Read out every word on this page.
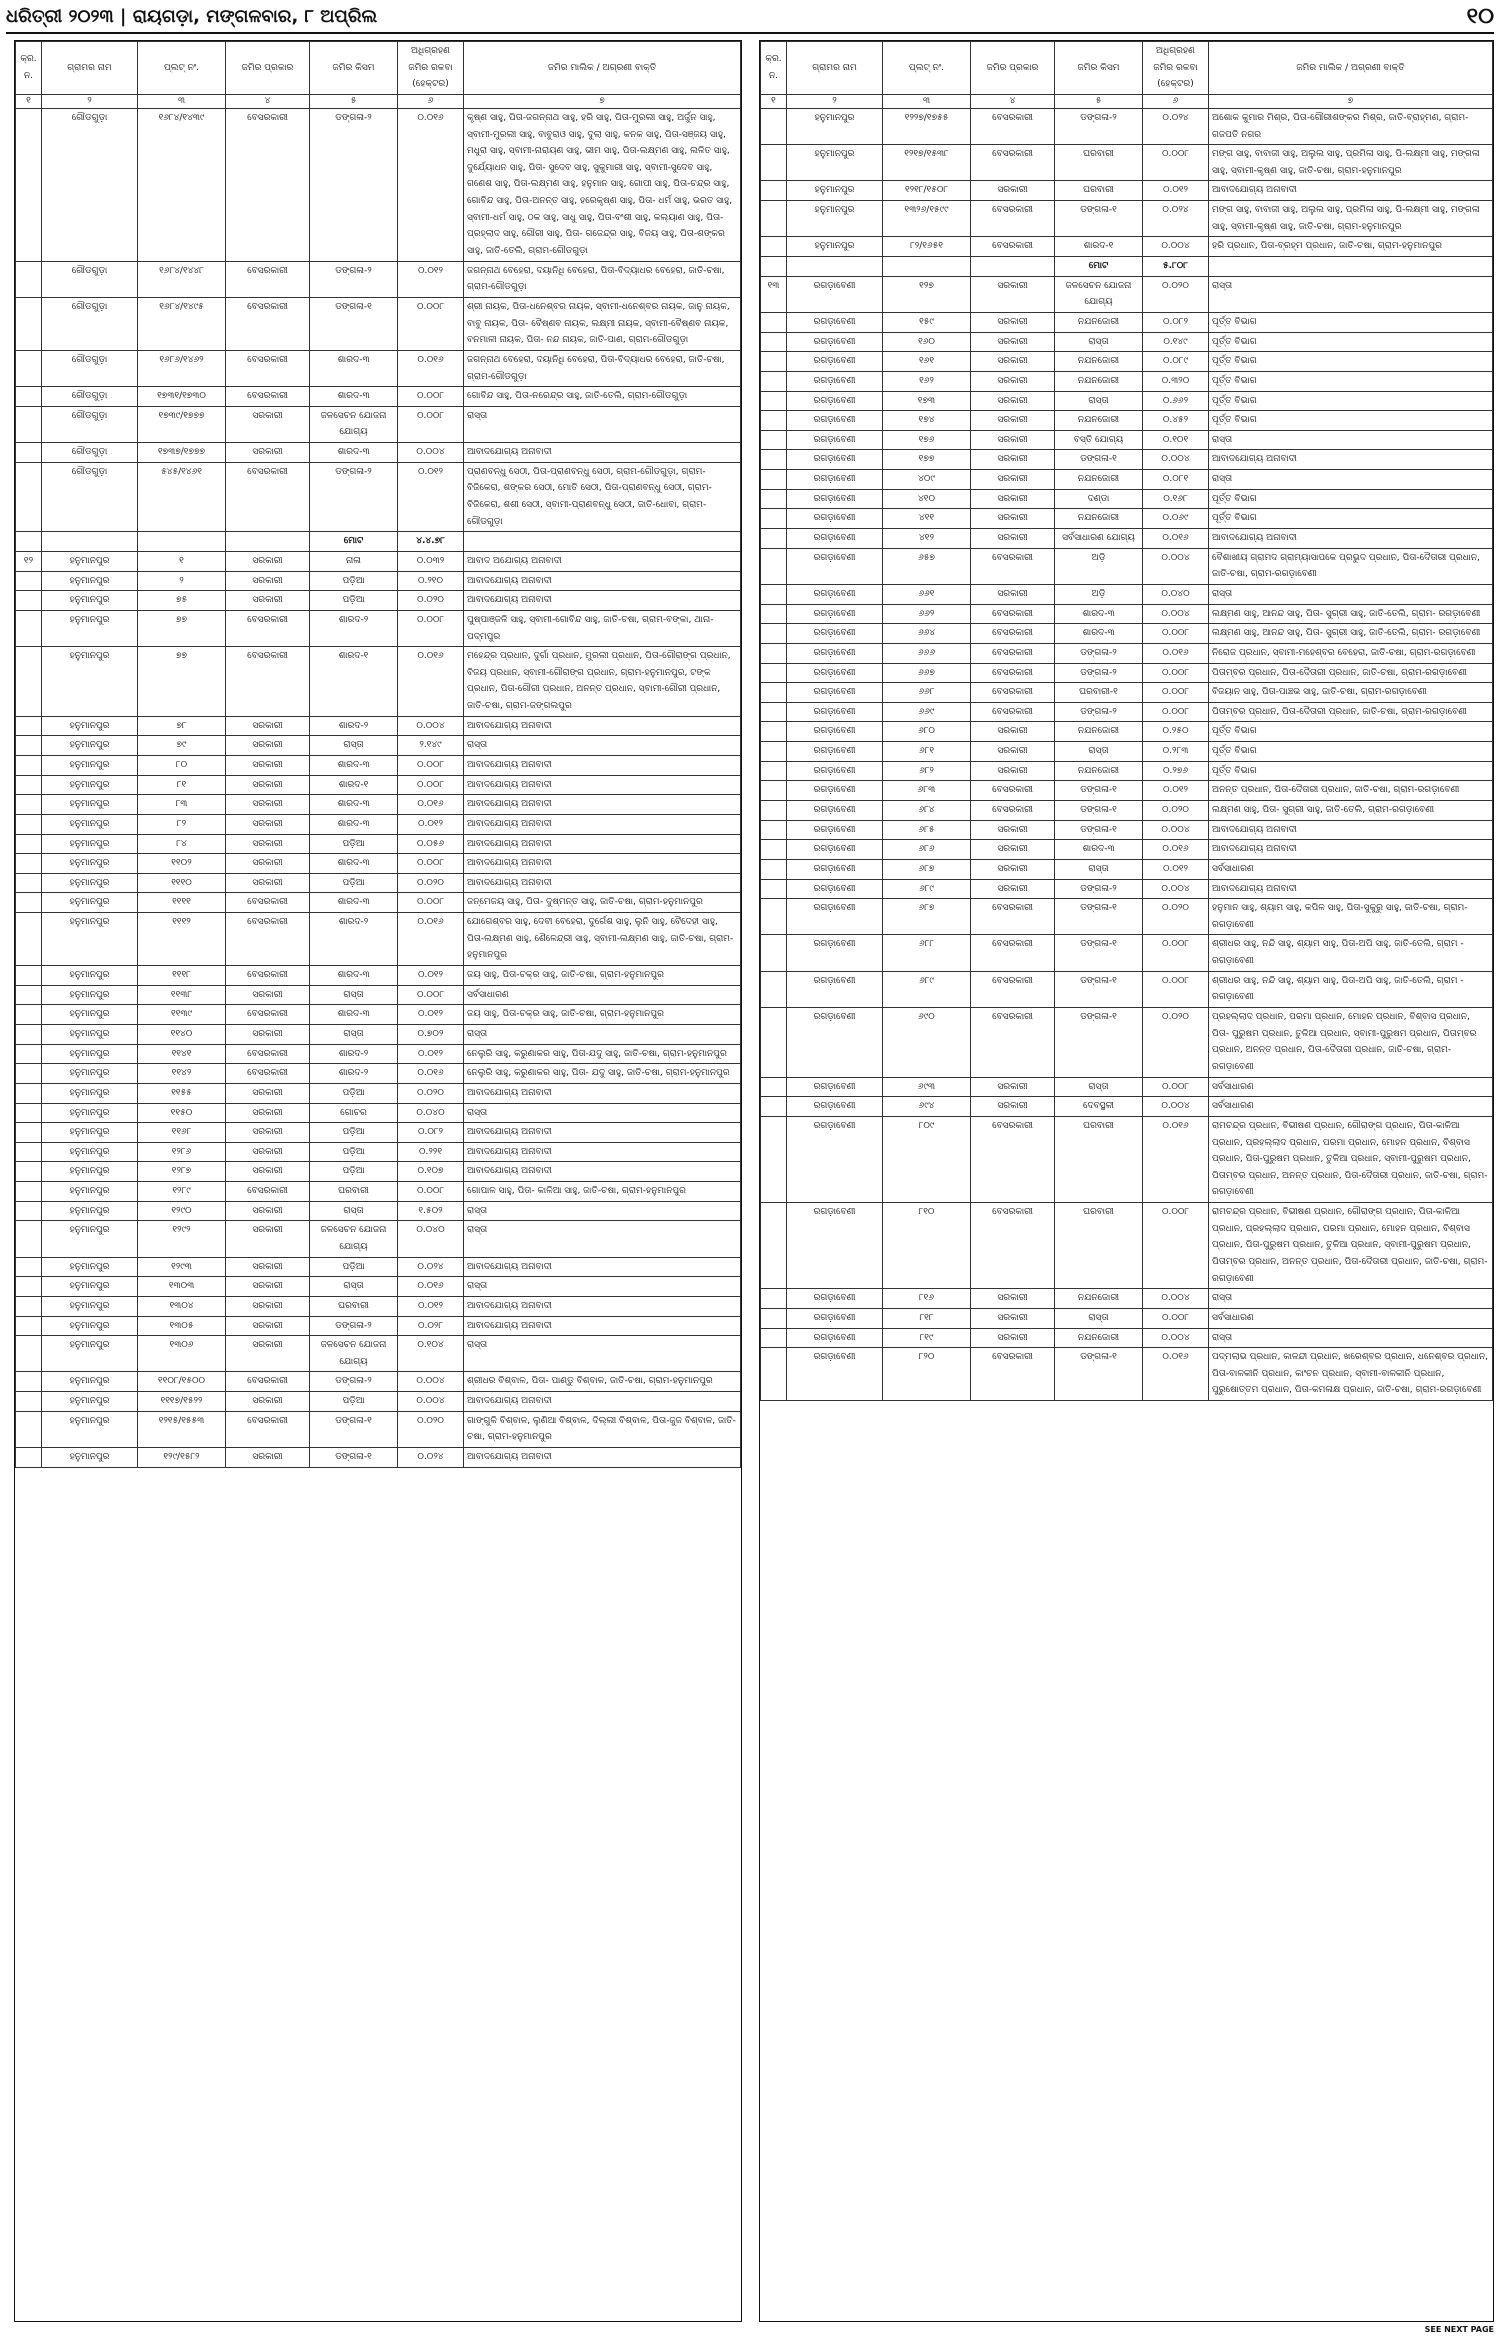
ଧରିତ୍ରୀ ୨୦୨୩ | ରାୟଗଡ଼ା, ମଙ୍ଗଳବାର, ୮ ଅପ୍ରିଲ	୧୦
କ୍ର. ନ.	ଗ୍ରାମର ନାମ	ପ୍ଲଟ୍ ନଂ.	ଜମିର ପ୍ରକାର	ଜମିର କିସମ	ଅଧିଗ୍ରହଣ ଜମିର ରକବା (ହେକ୍ଟର)	ଜମିର ମାଲିକ / ଅଗ୍ରଣୀ ବାକ୍ତି
୧	୨	୩	୪	୫	୬	୭
	ଗୌଡଗୁଡ଼ା	୧୬୮୪/୧୪୩୯	ବେସରକାରୀ	ଡଙ୍ଗଳା-୨	୦.୦୧୬	କୃଷ୍ଣ ସାହୁ, ପିତା-ଜଗନ୍ନାଥ ସାହୁ, ହରି ସାହୁ, ପିତା-ମୁରଲୀ ସାହୁ, ଅର୍ଜୁନ ସାହୁ, ସ୍ବାମୀ-ମୁରଲୀ ସାହୁ, ବାବୁରାଓ ସାହୁ, ଦୁଲା ସାହୁ, କନକ ସାହୁ, ପିତା-ସଞ୍ଜୟ ସାହୁ, ମଧୁରା ସାହୁ, ସ୍ବାମୀ-ନାରାୟଣ ସାହୁ, ଭୀମ ସାହୁ, ପିତା-ଲକ୍ଷ୍ମଣ ସାହୁ, ଲଳିତ ସାହୁ, ଦୁର୍ଯ୍ୟୋଧନ ସାହୁ, ପିତା- ସୁଦେବ ସାହୁ, ସୁକୁମାରୀ ସାହୁ, ସ୍ବାମୀ-ସୁଦେବ ସାହୁ, ଗଣେଶ ସାହୁ, ପିତା-ଲକ୍ଷ୍ମଣ ସାହୁ, ହନୁମାନ ସାହୁ, ଗୋପୀ ସାହୁ, ପିତା-ଚନ୍ଦ୍ର ସାହୁ, ଗୋବିନ୍ଦ ସାହୁ, ପିତା-ଅନନ୍ତ ସାହୁ, ହରେକୃଷ୍ଣ ସାହୁ, ପିତା- ଧର୍ମ ସାହୁ, ଭରତ ସାହୁ, ସ୍ବାମୀ-ଧର୍ମ ସାହୁ, ଠକ ସାହୁ, ସାଧୁ ସାହୁ, ପିତା-ବଂଶୀ ସାହୁ, କଲ୍ୟାଣ ସାହୁ, ପିତା-ପ୍ରହ୍ଲାଦ ସାହୁ, ଗୌରୀ ସାହୁ, ପିତା- ଗଜେନ୍ଦ୍ର ସାହୁ, ବିଜୟ ସାହୁ, ପିତା-ଶଙ୍କର ସାହୁ, ଜାତି-ତେଲି, ଗ୍ରାମ-ଗୌଡଗୁଡ଼ା
	ଗୌଡଗୁଡ଼ା	୧୬୮୪/୧୪୪୮	ବେସରକାରୀ	ଡଙ୍ଗଳା-୨	୦.୦୧୨	ଜଗନ୍ନାଥ ବେହେରା, ଦୟାନିଧି ବେହେରା, ପିତା-ବିଦ୍ୟାଧର ବେହେରା, ଜାତି-ଚଷା, ଗ୍ରାମ-ଗୌଡଗୁଡ଼ା
	ଗୌଡଗୁଡ଼ା	୧୬୮୪/୧୪୯୫	ବେସରକାରୀ	ଡଙ୍ଗଳା-୧	୦.୦୦୮	ଶ୍ରୀ ନାୟକ, ପିତା-ଧନେଶ୍ବର ନାୟକ, ସ୍ବାମୀ-ଧନେଶ୍ବର ନାୟକ, ଜାନୁ ନାୟକ, ବାବୁ ନାୟକ, ପିତା- ବୈଷ୍ଣବ ନାୟକ, ଲକ୍ଷ୍ମୀ ନାୟକ, ସ୍ବାମୀ-ବୈଷ୍ଣବ ନାୟକ, ବନମାଳୀ ନାୟକ, ପିତା- ନନ୍ଦ ନାୟକ, ଜାତି-ପାଣ, ଗ୍ରାମ-ଗୌଡଗୁଡ଼ା
	ଗୌଡଗୁଡ଼ା	୧୬୮୬/୧୪୬୨	ବେସରକାରୀ	ଶାରଦ-୩	୦.୦୧୬	ଜଗନ୍ନାଥ ବେହେରା, ଦୟାନିଧି ବେହେରା, ପିତା-ବିଦ୍ୟାଧର ବେହେରା, ଜାତି-ଚଷା, ଗ୍ରାମ-ଗୌଡଗୁଡ଼ା
	ଗୌଡଗୁଡ଼ା	୧୭୩୧/୧୭୩୦	ବେସରକାରୀ	ଶାରଦ-୩	୦.୦୦୮	ଗୋବିନ୍ଦ ସାହୁ, ପିତା-ନରେନ୍ଦ୍ର ସାହୁ, ଜାତି-ତେଲି, ଗ୍ରାମ-ଗୌଡଗୁଡ଼ା
	ଗୌଡଗୁଡ଼ା	୧୭୩୯/୧୭୭୭	ସରକାରୀ	ଜଳସେଚନ ଯୋଜନା ଯୋଗ୍ୟ	୦.୦୦୮	ରାସ୍ତା
	ଗୌଡଗୁଡ଼ା	୧୭୩୭/୧୭୭୭	ସରକାରୀ	ଶାରଦ-୩	୦.୦୦୪	ଆବାଦଯୋଗ୍ୟ ଅନାବାଦୀ
	ଗୌଡଗୁଡ଼ା	୫୪୫/୧୪୬୧	ବେସରକାରୀ	ଡଙ୍ଗଳା-୨	୦.୦୧୨	ପ୍ରାଣବନ୍ଧୁ ସେଠୀ, ପିତା-ପ୍ରାଣବନ୍ଧୁ ସେଠୀ, ଗ୍ରାମ-ଗୌଡଗୁଡ଼ା, ଗ୍ରାମ-ବିଜିକେରା, ଶଙ୍କର ସେଠୀ, ମୋତି ସେଠୀ, ପିତା-ପ୍ରାଣବନ୍ଧୁ ସେଠୀ, ଗ୍ରାମ-ବିଜିକେରା, ଶଶୀ ସେଠୀ, ସ୍ବାମୀ-ପ୍ରାଣବନ୍ଧୁ ସେଠୀ, ଜାତି-ଧୋବା, ଗ୍ରାମ-ଗୌଡଗୁଡ଼ା
				ମୋଟ	୪.୪.୭୮	
୧୨	ହନୁମାନପୁର	୧	ସରକାରୀ	ନାଳା	୦.୦୩୨	ଆବାଦ ଅଯୋଗ୍ୟ ଅନାବାଦୀ
	ହନୁମାନପୁର	୨	ସରକାରୀ	ପଡ଼ିଆ	୦.୨୧୦	ଆବାଦଯୋଗ୍ୟ ଅନାବାଦୀ
	ହନୁମାନପୁର	୭୫	ସରକାରୀ	ପଡ଼ିଆ	୦.୦୨୦	ଆବାଦଯୋଗ୍ୟ ଅନାବାଦୀ
	ହନୁମାନପୁର	୭୭	ବେସରକାରୀ	ଶାରଦ-୨	୦.୦୦୮	ପୁଷ୍ପାଞ୍ଜଳି ସାହୁ, ସ୍ବାମୀ-ଗୋବିନ୍ଦ ସାହୁ, ଜାତି-ଚଷା, ଗ୍ରାମ-ବଙ୍କା, ଥାନା-ପଦ୍ମପୁର
	ହନୁମାନପୁର	୭୭	ବେସରକାରୀ	ଶାରଦ-୧	୦.୦୧୬	ମହେନ୍ଦ୍ର ପ୍ରଧାନ, ଦୁର୍ଗା ପ୍ରଧାନ, ମୁରଲୀ ପ୍ରଧାନ, ପିତା-ଗୌରାଙ୍ଗ ପ୍ରଧାନ, ବିଜୟ ପ୍ରଧାନ, ସ୍ବାମୀ-ଗୌରାଙ୍ଗ ପ୍ରଧାନ, ଗ୍ରାମ-ହନୁମାନପୁର, ଟଙ୍କ ପ୍ରଧାନ, ପିତା-ଗୌରୀ ପ୍ରଧାନ, ଅନନ୍ତ ପ୍ରଧାନ, ସ୍ବାମୀ-ଗୌରୀ ପ୍ରଧାନ, ଜାତି-ଚଷା, ଗ୍ରାମ-ଜଙ୍ଗଲପୁର
	ହନୁମାନପୁର	୭୮	ସରକାରୀ	ଶାରଦ-୨	୦.୦୦୪	ଆବାଦଯୋଗ୍ୟ ଅନାବାଦୀ
	ହନୁମାନପୁର	୭୯	ସରକାରୀ	ରାସ୍ତା	୨.୧୪୯	ରାସ୍ତା
	ହନୁମାନପୁର	୮୦	ସରକାରୀ	ଶାରଦ-୩	୦.୦୦୮	ଆବାଦଯୋଗ୍ୟ ଅନାବାଦୀ
	ହନୁମାନପୁର	୮୧	ସରକାରୀ	ଶାରଦ-୧	୦.୦୦୮	ଆବାଦଯୋଗ୍ୟ ଅନାବାଦୀ
	ହନୁମାନପୁର	୮୩	ସରକାରୀ	ଶାରଦ-୩	୦.୦୧୬	ଆବାଦଯୋଗ୍ୟ ଅନାବାଦୀ
	ହନୁମାନପୁର	୮୨	ସରକାରୀ	ଶାରଦ-୩	୦.୦୧୨	ଆବାଦଯୋଗ୍ୟ ଅନାବାଦୀ
	ହନୁମାନପୁର	୮୪	ସରକାରୀ	ପଡ଼ିଆ	୦.୦୫୬	ଆବାଦଯୋଗ୍ୟ ଅନାବାଦୀ
	ହନୁମାନପୁର	୧୧୦୨	ସରକାରୀ	ଶାରଦ-୩	୦.୦୦୮	ଆବାଦଯୋଗ୍ୟ ଅନାବାଦୀ
	ହନୁମାନପୁର	୧୧୧୦	ସରକାରୀ	ପଡ଼ିଆ	୦.୦୨୦	ଆବାଦଯୋଗ୍ୟ ଅନାବାଦୀ
	ହନୁମାନପୁର	୧୧୧୧	ବେସରକାରୀ	ଶାରଦ-୩	୦.୦୦୮	ଜନ୍ମେଜୟ ସାହୁ, ପିତା- ଦୁଷ୍ମନ୍ତ ସାହୁ, ଜାତି-ଚଷା, ଗ୍ରାମ-ହନୁମାନପୁର
	ହନୁମାନପୁର	୧୧୧୨	ବେସରକାରୀ	ଶାରଦ-୨	୦.୦୧୬	ଯୋଗେଶ୍ବର ସାହୁ, ଦେବୀ ବେହେରା, ଦୁର୍ଗେଶ ସାହୁ, ଲୁନି ସାହୁ, ବୈଦେହୀ ସାହୁ, ପିତା-ଲକ୍ଷ୍ମଣ ସାହୁ, ଶୈଳେନ୍ଦ୍ରୀ ସାହୁ, ସ୍ବାମୀ-ଲକ୍ଷ୍ମଣ ସାହୁ, ଜାତି-ଚଷା, ଗ୍ରାମ-ହନୁମାନପୁର
	ହନୁମାନପୁର	୧୧୧୮	ବେସରକାରୀ	ଶାରଦ-୩	୦.୦୧୨	ଜୟ ସାହୁ, ପିତା-ଚକ୍ର ସାହୁ, ଜାତି-ଚଷା, ଗ୍ରାମ-ହନୁମାନପୁର
	ହନୁମାନପୁର	୧୧୩୮	ସରକାରୀ	ରାସ୍ତା	୦.୦୦୮	ସର୍ବସାଧାରଣ
	ହନୁମାନପୁର	୧୧୩୯	ବେସରକାରୀ	ଶାରଦ-୩	୦.୦୧୨	ଜୟ ସାହୁ, ପିତା-ଚକ୍ର ସାହୁ, ଜାତି-ଚଷା, ଗ୍ରାମ-ହନୁମାନପୁର
	ହନୁମାନପୁର	୧୧୪୦	ସରକାରୀ	ରାସ୍ତା	୦.୭୦୨	ରାସ୍ତା
	ହନୁମାନପୁର	୧୧୪୧	ବେସରକାରୀ	ଶାରଦ-୨	୦.୦୧୨	ନେଲୁରି ସାହୁ, କରୁଣାକର ସାହୁ, ପିତା-ଯଦୁ ସାହୁ, ଜାତି-ଚଷା, ଗ୍ରାମ-ହନୁମାନପୁର
	ହନୁମାନପୁର	୧୧୪୨	ବେସରକାରୀ	ଶାରଦ-୨	୦.୦୧୬	ନେଲୁରି ସାହୁ, କରୁଣାକର ସାହୁ, ପିତା- ଯଦୁ ସାହୁ, ଜାତି-ଚଷା, ଗ୍ରାମ-ହନୁମାନପୁର
	ହନୁମାନପୁର	୧୧୫୫	ସରକାରୀ	ପଡ଼ିଆ	୦.୦୨୦	ଆବାଦଯୋଗ୍ୟ ଅନାବାଦୀ
	ହନୁମାନପୁର	୧୧୫୦	ସରକାରୀ	ଗୋଚର	୦.୦୪୦	ରାସ୍ତା
	ହନୁମାନପୁର	୧୧୬୮	ସରକାରୀ	ପଡ଼ିଆ	୦.୦୮୨	ଆବାଦଯୋଗ୍ୟ ଅନାବାଦୀ
	ହନୁମାନପୁର	୧୨୮୬	ସରକାରୀ	ପଡ଼ିଆ	୦.୨୨୧	ଆବାଦଯୋଗ୍ୟ ଅନାବାଦୀ
	ହନୁମାନପୁର	୧୨୮୭	ସରକାରୀ	ପଡ଼ିଆ	୦.୧୦୭	ଆବାଦଯୋଗ୍ୟ ଅନାବାଦୀ
	ହନୁମାନପୁର	୧୨୮୯	ବେସରକାରୀ	ଘରବାରୀ	୦.୦୦୮	ଗୋପାଳ ସାହୁ, ପିତା- କାଳିଆ ସାହୁ, ଜାତି-ଚଷା, ଗ୍ରାମ-ହନୁମାନପୁର
	ହନୁମାନପୁର	୧୨୯୦	ସରକାରୀ	ରାସ୍ତା	୧.୫୦୨	ରାସ୍ତା
	ହନୁମାନପୁର	୧୨୯୨	ସରକାରୀ	ଜଳସେଚନ ଯୋଜନା ଯୋଗ୍ୟ	୦.୦୪୦	ରାସ୍ତା
	ହନୁମାନପୁର	୧୨୯୩	ସରକାରୀ	ପଡ଼ିଆ	୦.୦୨୪	ଆବାଦଯୋଗ୍ୟ ଅନାବାଦୀ
	ହନୁମାନପୁର	୧୩୦୩	ସରକାରୀ	ରାସ୍ତା	୦.୦୧୬	ରାସ୍ତା
	ହନୁମାନପୁର	୧୩୦୪	ସରକାରୀ	ଘରବାରୀ	୦.୦୧୨	ଆବାଦଯୋଗ୍ୟ ଅନାବାଦୀ
	ହନୁମାନପୁର	୧୩୦୫	ସରକାରୀ	ଡଙ୍ଗଳା-୨	୦.୦୨୮	ଆବାଦଯୋଗ୍ୟ ଅନାବାଦୀ
	ହନୁମାନପୁର	୧୩୦୬	ସରକାରୀ	ଜଳସେଚନ ଯୋଜନା ଯୋଗ୍ୟ	୦.୧୦୪	ରାସ୍ତା
	ହନୁମାନପୁର	୧୧୦୮/୧୫୦୦	ବେସରକାରୀ	ଡଙ୍ଗଳା-୨	୦.୦୦୪	ଶ୍ରୀଧର ବିଶ୍ବାଳ, ପିତା- ପାଣ୍ଡୁ ବିଶ୍ବାଳ, ଜାତି-ଚଷା, ଗ୍ରାମ-ହନୁମାନପୁର
	ହନୁମାନପୁର	୧୧୧୭/୧୫୨୨	ସରକାରୀ	ପଡ଼ିଆ	୦.୦୦୪	ଆବାଦଯୋଗ୍ୟ ଅନାବାଦୀ
	ହନୁମାନପୁର	୧୨୧୫/୧୫୫୩	ବେସରକାରୀ	ଡଙ୍ଗଳା-୧	୦.୦୨୦	ଗାଙ୍ଗୁଳି ବିଶ୍ବାଳ, ଲୁଣିଆ ବିଶ୍ବାଳ, ଦିଲ୍ଲୀ ବିଶ୍ବାଳ, ପିତା-ଜୁଜ ବିଶ୍ବାଳ, ଜାତି- ଚଷା, ଗ୍ରାମ-ହନୁମାନପୁର
	ହନୁମାନପୁର	୧୨୯/୧୫୮୨	ସରକାରୀ	ଡଙ୍ଗଳା-୧	୦.୦୨୪	ଆବାଦଯୋଗ୍ୟ ଅନାବାଦୀ
କ୍ର. ନ.	ଗ୍ରାମର ନାମ	ପ୍ଲଟ୍ ନଂ.	ଜମିର ପ୍ରକାର	ଜମିର କିସମ	ଅଧିଗ୍ରହଣ ଜମିର ରକବା (ହେକ୍ଟର)	ଜମିର ମାଲିକ / ଅଗ୍ରଣୀ ବାକ୍ତି
୧	୨	୩	୪	୫	୬	୭
	ହନୁମାନପୁର	୧୨୨୭/୧୭୫୫	ବେସରକାରୀ	ଡଙ୍ଗଳା-୨	୦.୦୨୪	ଅଶୋକ କୁମାର ମିଶ୍ର, ପିତା-ଗୌରୀଶଙ୍କର ମିଶ୍ର, ଜାତି-ବ୍ରାହ୍ମଣ, ଗ୍ରାମ-ଗଜପତି ନଗର
	ହନୁମାନପୁର	୧୨୧୭/୧୫୩୮	ବେସରକାରୀ	ଘରବାରୀ	୦.୦୦୮	ମଙ୍ଗ ସାହୁ, ବାବାଜୀ ସାହୁ, ଅଲୁଲ ସାହୁ, ପ୍ରମିଳା ସାହୁ, ପି-ଲକ୍ଷ୍ମୀ ସାହୁ, ମଙ୍ଗଳା ସାହୁ, ସ୍ବାମୀ-କୃଷ୍ଣ ସାହୁ, ଜାତି-ଚଷା, ଗ୍ରାମ-ହନୁମାନପୁର
	ହନୁମାନପୁର	୧୨୧୮/୧୫୦୮	ସରକାରୀ	ଘରବାରୀ	୦.୦୧୨	ଆବାଦଯୋଗ୍ୟ ଅନାବାଦୀ
	ହନୁମାନପୁର	୧୩୨୬/୧୫୯୯	ବେସରକାରୀ	ଡଙ୍ଗଳା-୧	୦.୦୨୪	ମଙ୍ଗ ସାହୁ, ବାବାଜୀ ସାହୁ, ଅଲୁଲ ସାହୁ, ପ୍ରମିଳା ସାହୁ, ପି-ଲକ୍ଷ୍ମୀ ସାହୁ, ମଙ୍ଗଳା ସାହୁ, ସ୍ବାମୀ-କୃଷ୍ଣ ସାହୁ, ଜାତି-ଚଷା, ଗ୍ରାମ-ହନୁମାନପୁର
	ହନୁମାନପୁର	୮୨/୧୬୫୧	ବେସରକାରୀ	ଶାରଦ-୧	୦.୦୦୪	ହରି ପ୍ରଧାନ, ପିତା-ବ୍ରହ୍ମ ପ୍ରଧାନ, ଜାତି-ଚଷା, ଗ୍ରାମ-ହନୁମାନପୁର
				ମୋଟ	୫.୮୦୮	
୧୩	ରଗଡ଼ାବେଣୀ	୧୨୭	ସରକାରୀ	ଜଳସେଚନ ଯୋଜନା ଯୋଗ୍ୟ	୦.୦୨୦	ରାସ୍ତା
	ରଗଡ଼ାବେଣୀ	୧୫୯	ସରକାରୀ	ନଯନଜୋରୀ	୦.୦୮୨	ପୂର୍ତ୍ତ ବିଭାଗ
	ରଗଡ଼ାବେଣୀ	୧୬୦	ସରକାରୀ	ରାସ୍ତା	୦.୧୪୯	ପୂର୍ତ୍ତ ବିଭାଗ
	ରଗଡ଼ାବେଣୀ	୧୬୧	ସରକାରୀ	ନଯନଜୋରୀ	୦.୦୮୯	ପୂର୍ତ୍ତ ବିଭାଗ
	ରଗଡ଼ାବେଣୀ	୧୬୨	ସରକାରୀ	ନଯନଜୋରୀ	୦.୩୨୦	ପୂର୍ତ୍ତ ବିଭାଗ
	ରଗଡ଼ାବେଣୀ	୧୭୩	ସରକାରୀ	ରାସ୍ତା	୦.୬୬୨	ପୂର୍ତ୍ତ ବିଭାଗ
	ରଗଡ଼ାବେଣୀ	୧୭୪	ସରକାରୀ	ନଯନଜୋରୀ	୦.୪୫୨	ପୂର୍ତ୍ତ ବିଭାଗ
	ରଗଡ଼ାବେଣୀ	୧୭୬	ସରକାରୀ	ବସ୍ତି ଯୋଗ୍ୟ	୦.୧୦୧	ରାସ୍ତା
	ରଗଡ଼ାବେଣୀ	୧୭୭	ସରକାରୀ	ଡଙ୍ଗଳା-୧	୦.୦୦୪	ଆବାଦଯୋଗ୍ୟ ଅନାବାଦୀ
	ରଗଡ଼ାବେଣୀ	୪୦୯	ସରକାରୀ	ନଯନଜୋରୀ	୦.୦୮୧	ରାସ୍ତା
	ରଗଡ଼ାବେଣୀ	୪୧୦	ସରକାରୀ	ଦଣ୍ଡା	୦.୧୬୮	ପୂର୍ତ୍ତ ବିଭାଗ
	ରଗଡ଼ାବେଣୀ	୪୧୧	ସରକାରୀ	ନଯନଜୋରୀ	୦.୦୬୯	ପୂର୍ତ୍ତ ବିଭାଗ
	ରଗଡ଼ାବେଣୀ	୪୧୨	ସରକାରୀ	ସର୍ବସାଧାରଣ ଯୋଗ୍ୟ	୦.୦୧୬	ଆବାଦଯୋଗ୍ୟ ଅନାବାଦୀ
	ରଗଡ଼ାବେଣୀ	୬୫୭	ବେସରକାରୀ	ଅଡ଼ି	୦.୦୦୪	ବୈଶାଖୀୟ ଗ୍ରାମଦ ଗ୍ରାମ୍ୟାସାପକେ ପ୍ରଭୁଦ ପ୍ରଧାନ, ପିତା-ଦୈତାରୀ ପ୍ରଧାନ, ଜାତି-ଚଷା, ଗ୍ରାମ-ରଗଡ଼ାବେଣୀ
	ରଗଡ଼ାବେଣୀ	୬୬୧	ସରକାରୀ	ଅଡ଼ି	୦.୦୪୦	ରାସ୍ତା
	ରଗଡ଼ାବେଣୀ	୬୬୨	ବେସରକାରୀ	ଶାରଦ-୩	୦.୦୦୪	ଲକ୍ଷ୍ମଣ ସାହୁ, ଆନନ୍ଦ ସାହୁ, ପିତା- ସୁଗ୍ରୀ ସାହୁ, ଜାତି-ତେଲି, ଗ୍ରାମ- ରଗଡ଼ାବେଣୀ
	ରଗଡ଼ାବେଣୀ	୬୬୪	ବେସରକାରୀ	ଶାରଦ-୩	୦.୦୦୮	ଲକ୍ଷ୍ମଣ ସାହୁ, ଆନନ୍ଦ ସାହୁ, ପିତା- ସୁଗ୍ରୀ ସାହୁ, ଜାତି-ତେଲି, ଗ୍ରାମ- ରଗଡ଼ାବେଣୀ
	ରଗଡ଼ାବେଣୀ	୬୬୬	ବେସରକାରୀ	ଡଙ୍ଗଳା-୨	୦.୦୧୬	ନିରୋଜ ପ୍ରଧାନ, ସ୍ବାମୀ-ମହେଶ୍ବର ବେହେରା, ଜାତି-ଚଷା, ଗ୍ରାମ-ରଗଡ଼ାବେଣୀ
	ରଗଡ଼ାବେଣୀ	୬୬୭	ବେସରକାରୀ	ଡଙ୍ଗଳା-୨	୦.୦୦୮	ପିତାମ୍ବର ପ୍ରଧାନ, ପିତା-ଦୈତାରୀ ପ୍ରଧାନ, ଜାତି-ଚଷା, ଗ୍ରାମ-ରଗଡ଼ାବେଣୀ
	ରଗଡ଼ାବେଣୀ	୬୬୮	ବେସରକାରୀ	ଘରବାରୀ-୧	୦.୦୦୮	ବିଜୟାନ ସାହୁ, ପିତା-ପାଞ୍ଚଭ ସାହୁ, ଜାତି-ଚଷା, ଗ୍ରାମ-ରଗଡ଼ାବେଣୀ
	ରଗଡ଼ାବେଣୀ	୬୬୯	ବେସରକାରୀ	ଡଙ୍ଗଳା-୨	୦.୦୦୮	ପିତାମ୍ବର ପ୍ରଧାନ, ପିତା-ଦୈତାରୀ ପ୍ରଧାନ, ଜାତି-ଚଷା, ଗ୍ରାମ-ରଗଡ଼ାବେଣୀ
	ରଗଡ଼ାବେଣୀ	୬୮୦	ସରକାରୀ	ନଯନଜୋରୀ	୦.୨୫୦	ପୂର୍ତ୍ତ ବିଭାଗ
	ରଗଡ଼ାବେଣୀ	୬୮୧	ସରକାରୀ	ରାସ୍ତା	୦.୨୮୩	ପୂର୍ତ୍ତ ବିଭାଗ
	ରଗଡ଼ାବେଣୀ	୬୮୨	ସରକାରୀ	ନଯନଜୋରୀ	୦.୨୭୬	ପୂର୍ତ୍ତ ବିଭାଗ
	ରଗଡ଼ାବେଣୀ	୬୮୩	ବେସରକାରୀ	ଡଙ୍ଗଳା-୧	୦.୦୧୨	ଅନନ୍ତ ପ୍ରଧାନ, ପିତା-ଦୈତାରୀ ପ୍ରଧାନ, ଜାତି-ଚଷା, ଗ୍ରାମ-ରଗଡ଼ାବେଣୀ
	ରଗଡ଼ାବେଣୀ	୬୮୪	ବେସରକାରୀ	ଡଙ୍ଗଳା-୧	୦.୦୨୦	ଲକ୍ଷ୍ମଣ ସାହୁ, ପିତା- ସୁଗ୍ରୀ ସାହୁ, ଜାତି-ତେଲି, ଗ୍ରାମ-ରଗଡ଼ାବେଣୀ
	ରଗଡ଼ାବେଣୀ	୬୮୫	ସରକାରୀ	ଡଙ୍ଗଳା-୧	୦.୦୦୪	ଆବାଦଯୋଗ୍ୟ ଅନାବାଦୀ
	ରଗଡ଼ାବେଣୀ	୬୮୬	ସରକାରୀ	ଶାରଦ-୩	୦.୦୧୬	ଆବାଦଯୋଗ୍ୟ ଅନାବାଦୀ
	ରଗଡ଼ାବେଣୀ	୬୮୭	ସରକାରୀ	ରାସ୍ତା	୦.୦୧୨	ସର୍ବସାଧାରଣ
	ରଗଡ଼ାବେଣୀ	୬୮୯	ସରକାରୀ	ଡଙ୍ଗଳା-୨	୦.୦୦୪	ଆବାଦଯୋଗ୍ୟ ଅନାବାଦୀ
	ରଗଡ଼ାବେଣୀ	୬୮୭	ବେସରକାରୀ	ଡଙ୍ଗଳା-୧	୦.୦୨୦	ହନୁମାନ ସାହୁ, ଶ୍ୟାମ ସାହୁ, କପିଳ ସାହୁ, ପିତା-ସୁକୁରୁ ସାହୁ, ଜାତି-ଚଷା, ଗ୍ରାମ-ରଗଡ଼ାବେଣୀ
	ରଗଡ଼ାବେଣୀ	୬୮୮	ବେସରକାରୀ	ଡଙ୍ଗଳା-୧	୦.୦୦୮	ଶ୍ରୀଧର ସାହୁ, ନନ୍ଦି ସାହୁ, ଶ୍ୟାମ ସାହୁ, ପିତା-ଅପି ସାହୁ, ଜାତି-ତେଲି, ଗ୍ରାମ - ରଗଡ଼ାବେଣୀ
	ରଗଡ଼ାବେଣୀ	୬୮୯	ବେସରକାରୀ	ଡଙ୍ଗଳା-୧	୦.୦୦୮	ଶ୍ରୀଧର ସାହୁ, ନନ୍ଦି ସାହୁ, ଶ୍ୟାମ ସାହୁ, ପିତା-ଅପି ସାହୁ, ଜାତି-ତେଲି, ଗ୍ରାମ - ରଗଡ଼ାବେଣୀ
	ରଗଡ଼ାବେଣୀ	୬୯୦	ବେସରକାରୀ	ଡଙ୍ଗଳା-୧	୦.୦୨୦	ପ୍ରହଲ୍ଲାଦ ପ୍ରଧାନ, ପରମା ପ୍ରଧାନ, ମୋହନ ପ୍ରଧାନ, ବିଶ୍ବାସ ପ୍ରଧାନ, ପିତା- ପୁରୁଷମ ପ୍ରଧାନ, ତୁଳିଆ ପ୍ରଧାନ, ସ୍ବାମୀ-ପୁରୁଷମ ପ୍ରଧାନ, ପିତାମ୍ବର ପ୍ରଧାନ, ଅନନ୍ତ ପ୍ରଧାନ, ପିତା-ଦୈତାରୀ ପ୍ରଧାନ, ଜାତି-ଚଷା, ଗ୍ରାମ-ରଗଡ଼ାବେଣୀ
	ରଗଡ଼ାବେଣୀ	୬୯୩	ସରକାରୀ	ରାସ୍ତା	୦.୦୦୮	ସର୍ବସାଧାରଣ
	ରଗଡ଼ାବେଣୀ	୬୯୪	ସରକାରୀ	ଦେବସ୍ଥଳୀ	୦.୦୦୪	ସର୍ବସାଧାରଣ
	ରଗଡ଼ାବେଣୀ	୮୦୯	ବେସରକାରୀ	ଘରବାରୀ	୦.୦୧୬	ରାମଚନ୍ଦ୍ର ପ୍ରଧାନ, ବିଭୀଷଣ ପ୍ରଧାନ, ଗୌରାଙ୍ଗ ପ୍ରଧାନ, ପିତା-କାଳିଆ ପ୍ରଧାନ, ପ୍ରହଲ୍ଲାଦ ପ୍ରଧାନ, ପରମା ପ୍ରଧାନ, ମୋହନ ପ୍ରଧାନ, ବିଶ୍ବାସ ପ୍ରଧାନ, ପିତା-ପୁରୁଷମ ପ୍ରଧାନ, ତୁଳିଆ ପ୍ରଧାନ, ସ୍ବାମୀ-ପୁରୁଷମ ପ୍ରଧାନ, ପିତାମ୍ବର ପ୍ରଧାନ, ଅନନ୍ତ ପ୍ରଧାନ, ପିତା-ଦୈତାରୀ ପ୍ରଧାନ, ଜାତି-ଚଷା, ଗ୍ରାମ- ରଗଡ଼ାବେଣୀ
	ରଗଡ଼ାବେଣୀ	୮୧୦	ବେସରକାରୀ	ଘରବାରୀ	୦.୦୦୮	ରାମଚନ୍ଦ୍ର ପ୍ରଧାନ, ବିଭୀଷଣ ପ୍ରଧାନ, ଗୌରାଙ୍ଗ ପ୍ରଧାନ, ପିତା-କାଳିଆ ପ୍ରଧାନ, ପ୍ରହଲ୍ଲାଦ ପ୍ରଧାନ, ପରମା ପ୍ରଧାନ, ମୋହନ ପ୍ରଧାନ, ବିଶ୍ବାସ ପ୍ରଧାନ, ପିତା-ପୁରୁଷମ ପ୍ରଧାନ, ତୁଳିଆ ପ୍ରଧାନ, ସ୍ବାମୀ-ପୁରୁଷମ ପ୍ରଧାନ, ପିତାମ୍ବର ପ୍ରଧାନ, ଅନନ୍ତ ପ୍ରଧାନ, ପିତା-ଦୈତାରୀ ପ୍ରଧାନ, ଜାତି-ଚଷା, ଗ୍ରାମ- ରଗଡ଼ାବେଣୀ
	ରଗଡ଼ାବେଣୀ	୮୧୬	ସରକାରୀ	ନଯନଜୋରୀ	୦.୦୦୪	ରାସ୍ତା
	ରଗଡ଼ାବେଣୀ	୮୧୮	ସରକାରୀ	ରାସ୍ତା	୦.୦୦୮	ସର୍ବସାଧାରଣ
	ରଗଡ଼ାବେଣୀ	୮୧୯	ସରକାରୀ	ନଯନଜୋରୀ	୦.୦୦୪	ରାସ୍ତା
	ରଗଡ଼ାବେଣୀ	୮୨୦	ବେସରକାରୀ	ଡଙ୍ଗଳା-୧	୦.୦୧୬	ପଦ୍ମଲାଭ ପ୍ରଧାନ, କାଳନ୍ଦୀ ପ୍ରଧାନ, ଖରେଶ୍ବର ପ୍ରଧାନ, ଧନେଶ୍ବର ପ୍ରଧାନ, ପିତା-ବାଳକୀନି ପ୍ରଧାନ, କାଂଚନ ପ୍ରଧାନ, ସ୍ବାମୀ-ବାଳକୀନି ପ୍ରଧାନ, ପୁରୁଷୋତ୍ତମ ପ୍ରଧାନ, ପିତା-କମଳାକ୍ଷ ପ୍ରଧାନ, ଜାତି-ଚଷା, ଗ୍ରାମ-ରଗଡ଼ାବେଣୀ
SEE NEXT PAGE
